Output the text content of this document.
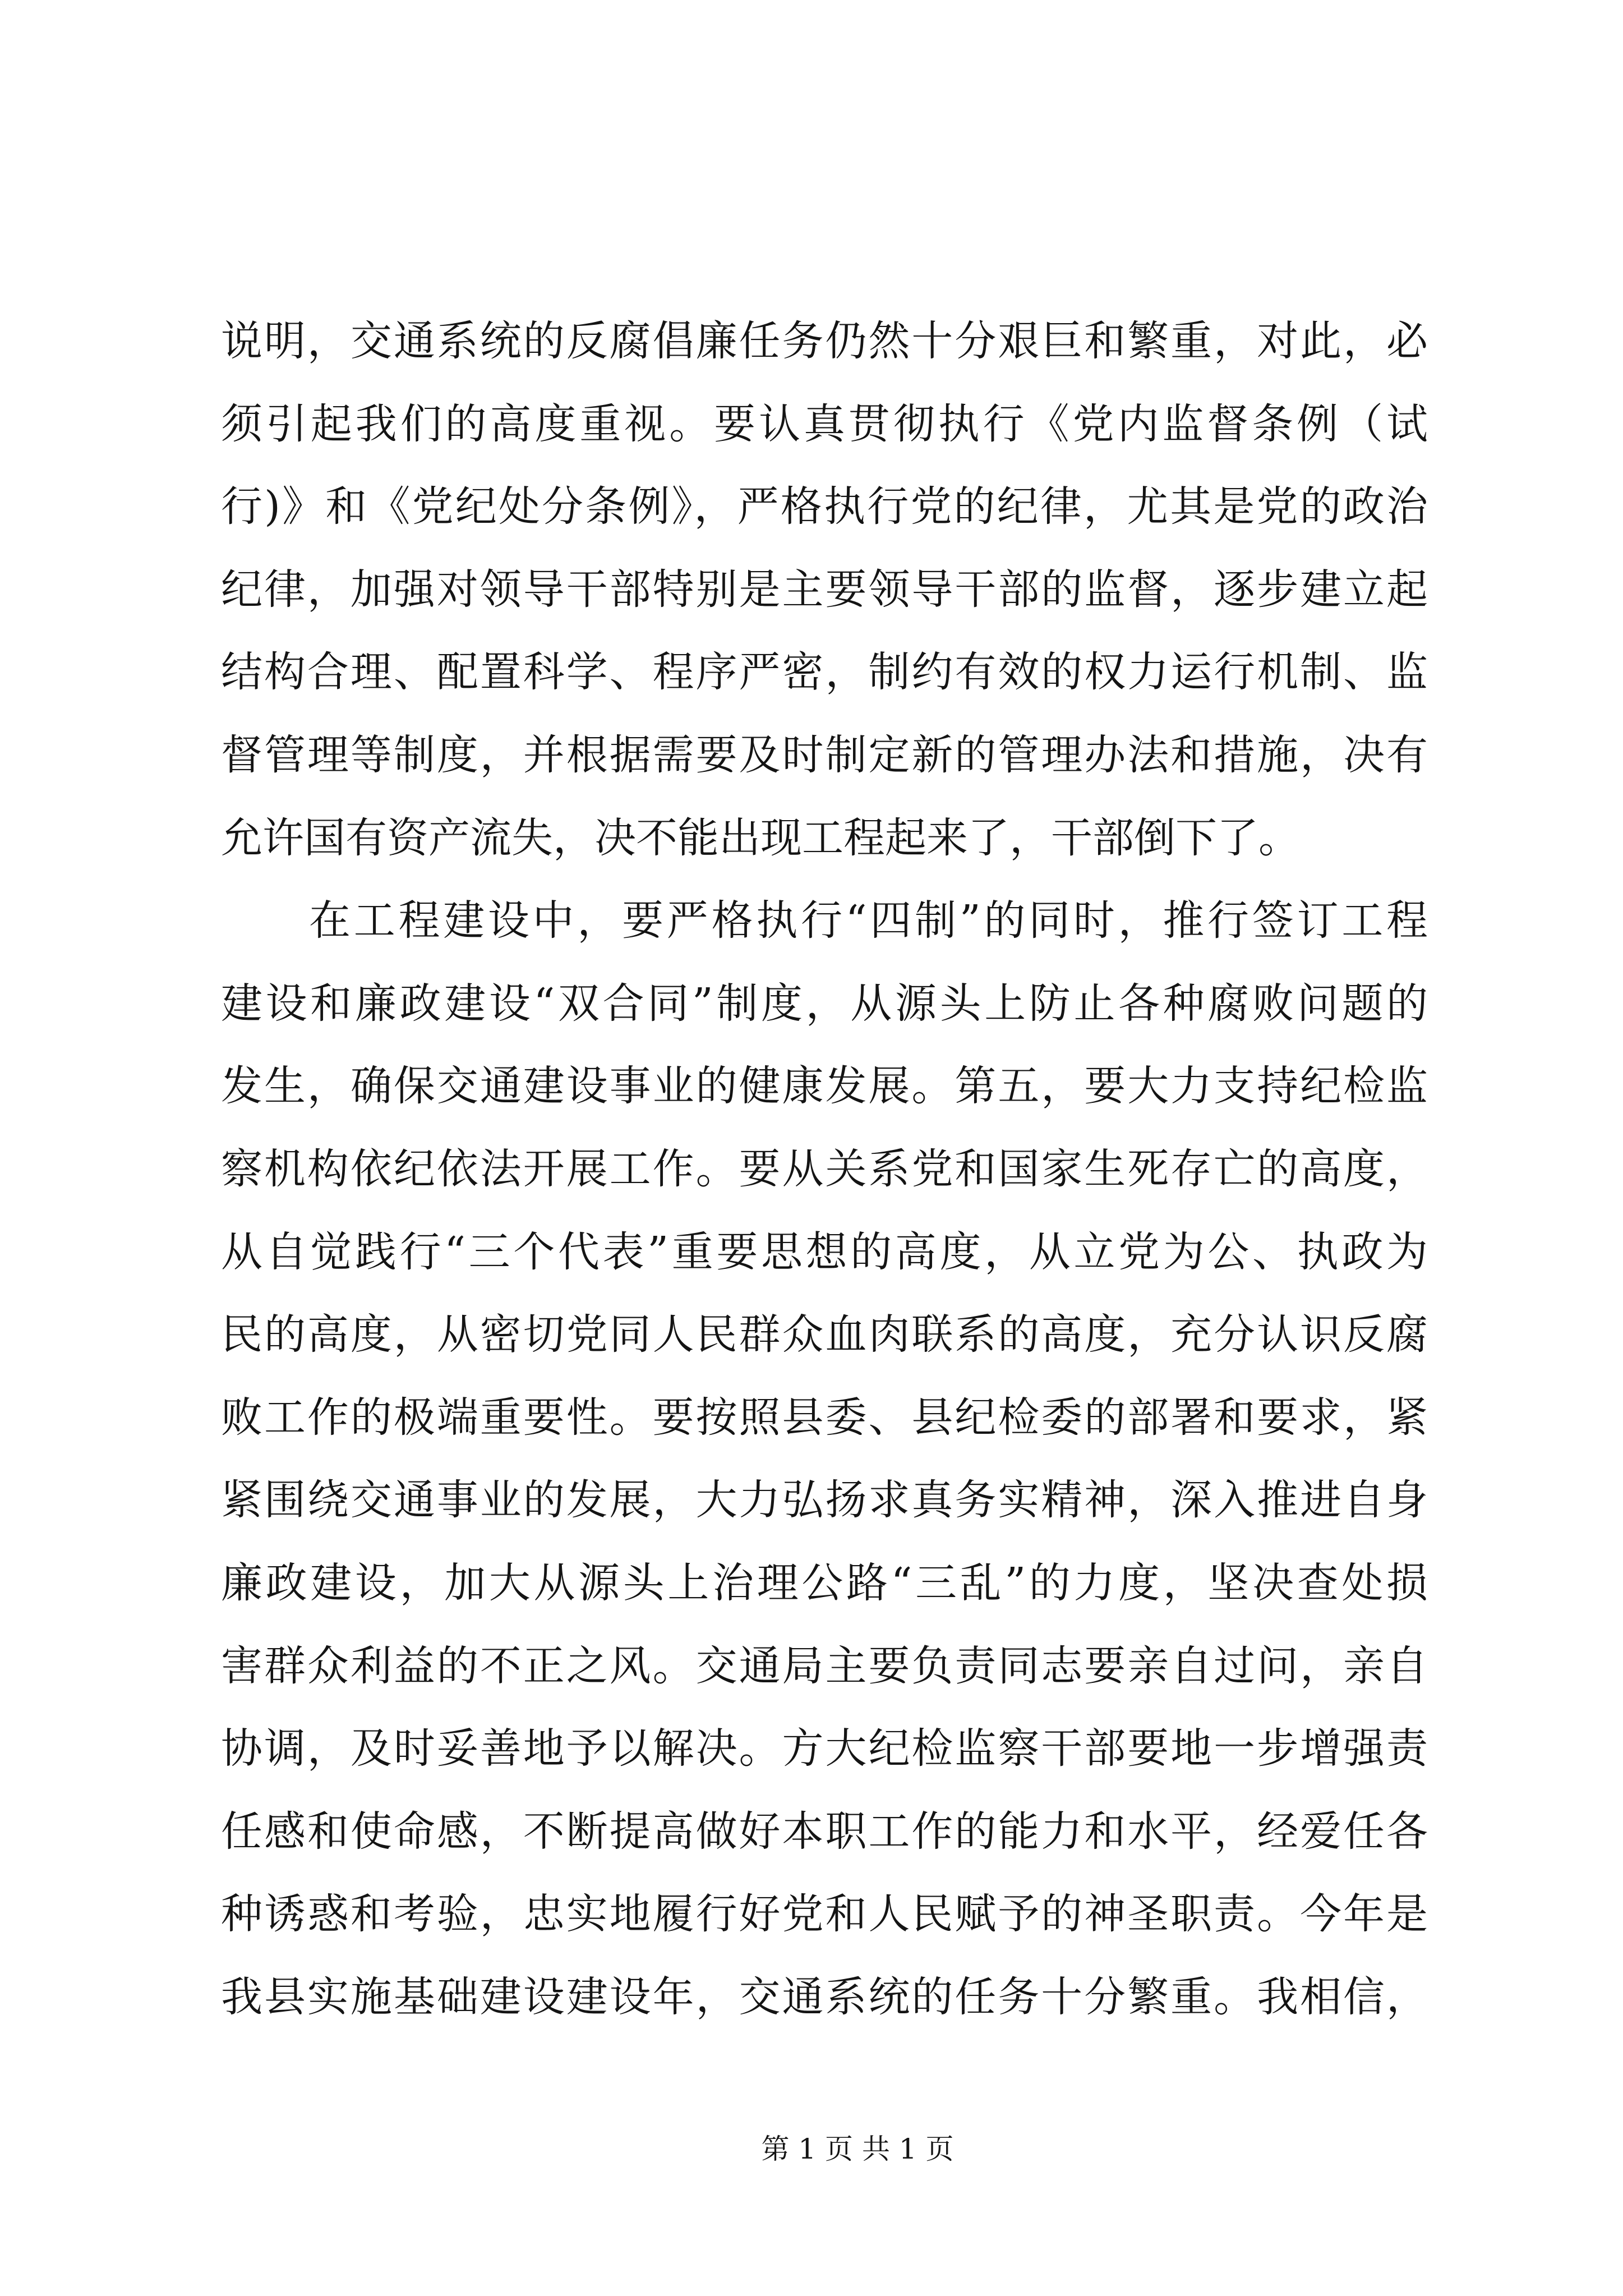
说明，交通系统的反腐倡廉任务仍然十分艰巨和繁重，对此，必
须引起我们的高度重视。要认真贯彻执行《党内监督条例（试
行)》和《党纪处分条例》，严格执行党的纪律，尤其是党的政治
纪律，加强对领导干部特别是主要领导干部的监督，逐步建立起
结构合理、配置科学、程序严密，制约有效的权力运行机制、监
督管理等制度，并根据需要及时制定新的管理办法和措施，决有
允许国有资产流失，决不能出现工程起来了，干部倒下了。
在工程建设中，要严格执行“四制”的同时，推行签订工程
建设和廉政建设“双合同”制度，从源头上防止各种腐败问题的
发生，确保交通建设事业的健康发展。第五，要大力支持纪检监
察机构依纪依法开展工作。要从关系党和国家生死存亡的高度，
从自觉践行“三个代表”重要思想的高度，从立党为公、执政为
民的高度，从密切党同人民群众血肉联系的高度，充分认识反腐
败工作的极端重要性。要按照县委、县纪检委的部署和要求，紧
紧围绕交通事业的发展，大力弘扬求真务实精神，深入推进自身
廉政建设，加大从源头上治理公路“三乱”的力度，坚决查处损
害群众利益的不正之风。交通局主要负责同志要亲自过问，亲自
协调，及时妥善地予以解决。方大纪检监察干部要地一步增强责
任感和使命感，不断提高做好本职工作的能力和水平，经爱任各
种诱惑和考验，忠实地履行好党和人民赋予的神圣职责。今年是
我县实施基础建设建设年，交通系统的任务十分繁重。我相信，
第 1 页 共 1 页
